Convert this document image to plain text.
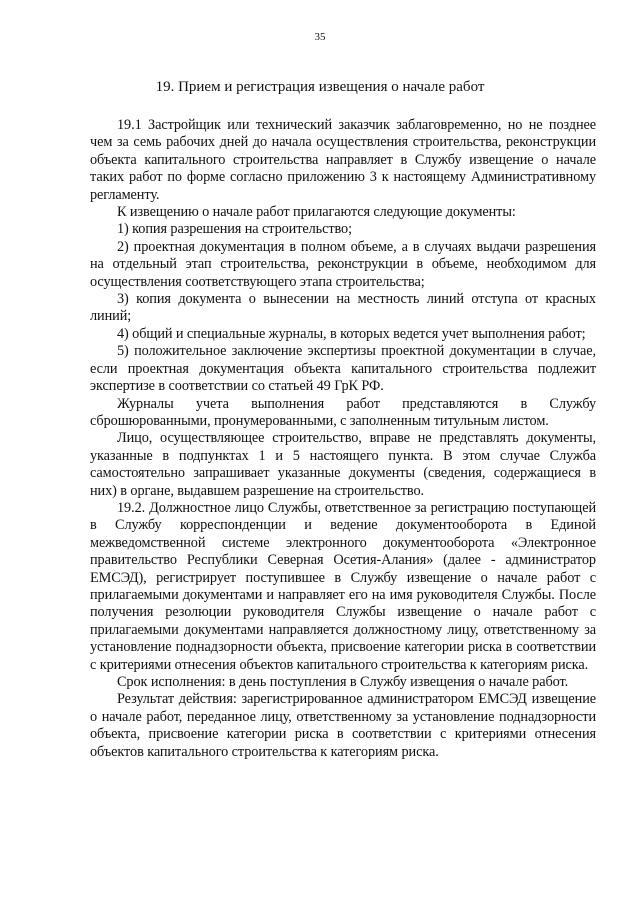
35
19. Прием и регистрация извещения о начале работ

19.1 Застройщик или технический заказчик заблаговременно, но не позднее чем за семь рабочих дней до начала осуществления строительства, реконструкции объекта капитального строительства направляет в Службу извещение о начале таких работ по форме согласно приложению 3 к настоящему Административному регламенту.

К извещению о начале работ прилагаются следующие документы:

1) копия разрешения на строительство;

2) проектная документация в полном объеме, а в случаях выдачи разрешения на отдельный этап строительства, реконструкции в объеме, необходимом для осуществления соответствующего этапа строительства;

3) копия документа о вынесении на местность линий отступа от красных линий;

4) общий и специальные журналы, в которых ведется учет выполнения работ;

5) положительное заключение экспертизы проектной документации в случае, если проектная документация объекта капитального строительства подлежит экспертизе в соответствии со статьей 49 ГрК РФ.

Журналы учета выполнения работ представляются в Службу сброшюрованными, пронумерованными, с заполненным титульным листом.

Лицо, осуществляющее строительство, вправе не представлять документы, указанные в подпунктах 1 и 5 настоящего пункта. В этом случае Служба самостоятельно запрашивает указанные документы (сведения, содержащиеся в них) в органе, выдавшем разрешение на строительство.

19.2. Должностное лицо Службы, ответственное за регистрацию поступающей в Службу корреспонденции и ведение документооборота в Единой межведомственной системе электронного документооборота «Электронное правительство Республики Северная Осетия-Алания» (далее - администратор ЕМСЭД), регистрирует поступившее в Службу извещение о начале работ с прилагаемыми документами и направляет его на имя руководителя Службы. После получения резолюции руководителя Службы извещение о начале работ с прилагаемыми документами направляется должностному лицу, ответственному за установление поднадзорности объекта, присвоение категории риска в соответствии с критериями отнесения объектов капитального строительства к категориям риска.

Срок исполнения: в день поступления в Службу извещения о начале работ.

Результат действия: зарегистрированное администратором ЕМСЭД извещение о начале работ, переданное лицу, ответственному за установление поднадзорности объекта, присвоение категории риска в соответствии с критериями отнесения объектов капитального строительства к категориям риска.
